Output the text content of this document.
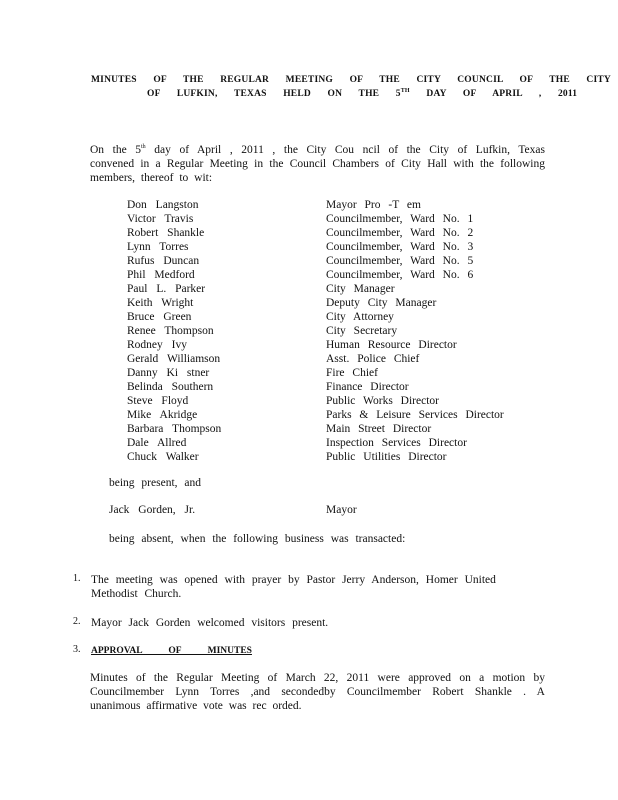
MINUTES OF THE REGULAR MEETING OF THE CITY COUNCIL OF THE CITY
OF LUFKIN, TEXAS HELD ON THE 5TH DAY OF APRIL , 2011
On the 5th day of April , 2011 , the City Cou ncil of the City of Lufkin, Texas convened in a Regular Meeting in the Council Chambers of City Hall with the following members, thereof to wit:
Don Langston	Mayor Pro -T em
Victor Travis	Councilmember, Ward No. 1
Robert Shankle	Councilmember, Ward No. 2
Lynn Torres	Councilmember, Ward No. 3
Rufus Duncan	Councilmember, Ward No. 5
Phil Medford	Councilmember, Ward No. 6
Paul L. Parker	City Manager
Keith Wright	Deputy City Manager
Bruce Green	City Attorney
Renee Thompson	City Secretary
Rodney Ivy	Human Resource Director
Gerald Williamson	Asst. Police Chief
Danny Ki stner	Fire Chief
Belinda Southern	Finance Director
Steve Floyd	Public Works Director
Mike Akridge	Parks & Leisure Services Director
Barbara Thompson	Main Street Director
Dale Allred	Inspection Services Director
Chuck Walker	Public Utilities Director
being present, and
Jack Gorden, Jr.	Mayor
being absent, when the following business was transacted:
1. The meeting was opened with prayer by Pastor Jerry Anderson, Homer United Methodist Church.
2. Mayor Jack Gorden welcomed visitors present.
3. APPROVAL OF MINUTES
Minutes of the Regular Meeting of March 22, 2011 were approved on a motion by Councilmember Lynn Torres ,and secondedby Councilmember Robert Shankle . A unanimous affirmative vote was rec orded.
